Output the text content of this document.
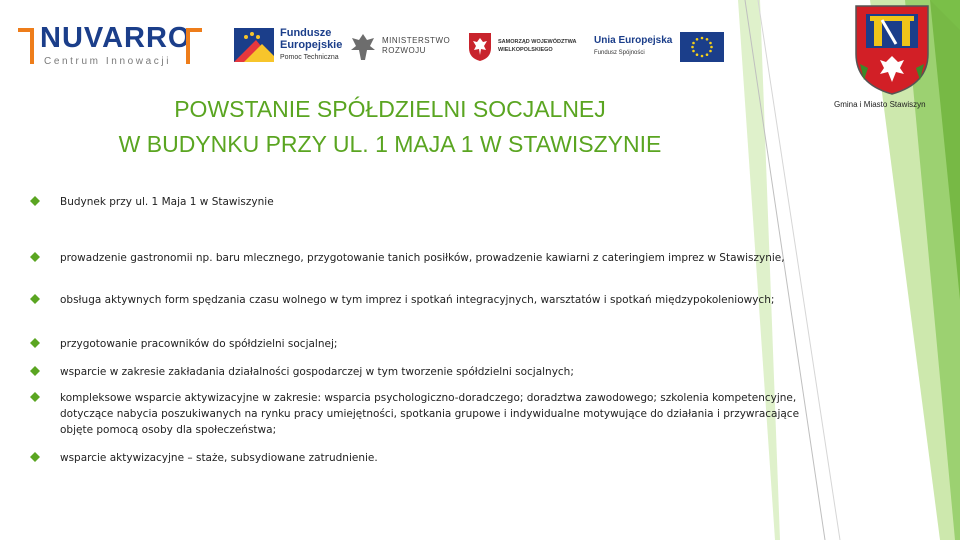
NUVARRO
Centrum Innowacji
Fundusze
Europejskie
Pomoc Techniczna
MINISTERSTWO
ROZWOJU
SAMORZĄD WOJEWÓDZTWA
WIELKOPOLSKIEGO
Unia Europejska
Fundusz Spójności
Gmina i Miasto Stawiszyn
POWSTANIE SPÓŁDZIELNI SOCJALNEJ
W BUDYNKU PRZY UL. 1 MAJA 1 W STAWISZYNIE
Budynek przy ul. 1 Maja 1 w Stawiszynie
prowadzenie gastronomii np. baru mlecznego, przygotowanie tanich posiłków, prowadzenie kawiarni z cateringiem imprez w Stawiszynie,
obsługa aktywnych form spędzania czasu wolnego w tym imprez i spotkań integracyjnych, warsztatów i spotkań międzypokoleniowych;
przygotowanie pracowników do spółdzielni socjalnej;
wsparcie w zakresie zakładania działalności gospodarczej w tym tworzenie spółdzielni socjalnych;
kompleksowe wsparcie aktywizacyjne w zakresie: wsparcia psychologiczno-doradczego; doradztwa zawodowego; szkolenia kompetencyjne, dotyczące nabycia poszukiwanych na rynku pracy umiejętności, spotkania grupowe i indywidualne motywujące do działania i przywracające objęte pomocą osoby dla społeczeństwa;
wsparcie aktywizacyjne – staże, subsydiowane zatrudnienie.
